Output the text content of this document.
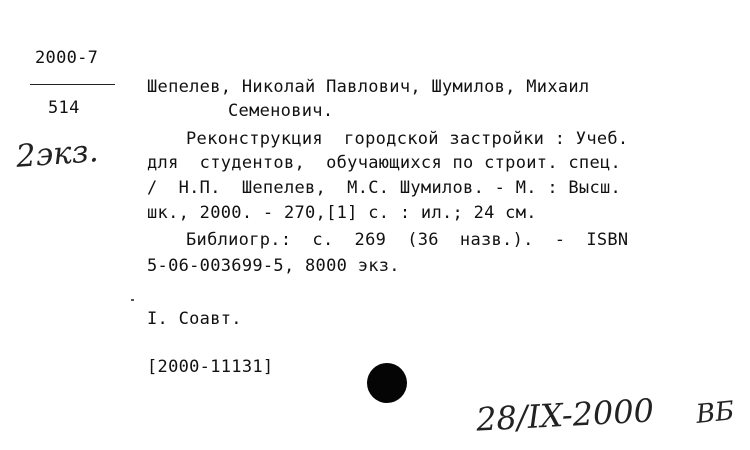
2000-7
514
2экз.
Шепелев, Николай Павлович, Шумилов, Михаил
Семенович.
Реконструкция  городской застройки : Учеб.
для  студентов,  обучающихся по строит. спец.
/  Н.П.  Шепелев,  М.С. Шумилов. - М. : Высш.
шк., 2000. - 270,[1] с. : ил.; 24 см.
Библиогр.:  с.  269  (36  назв.).  -  ISBN
5-06-003699-5, 8000 экз.
I. Соавт.
[2000-11131]
28/IX-2000 ВБ
